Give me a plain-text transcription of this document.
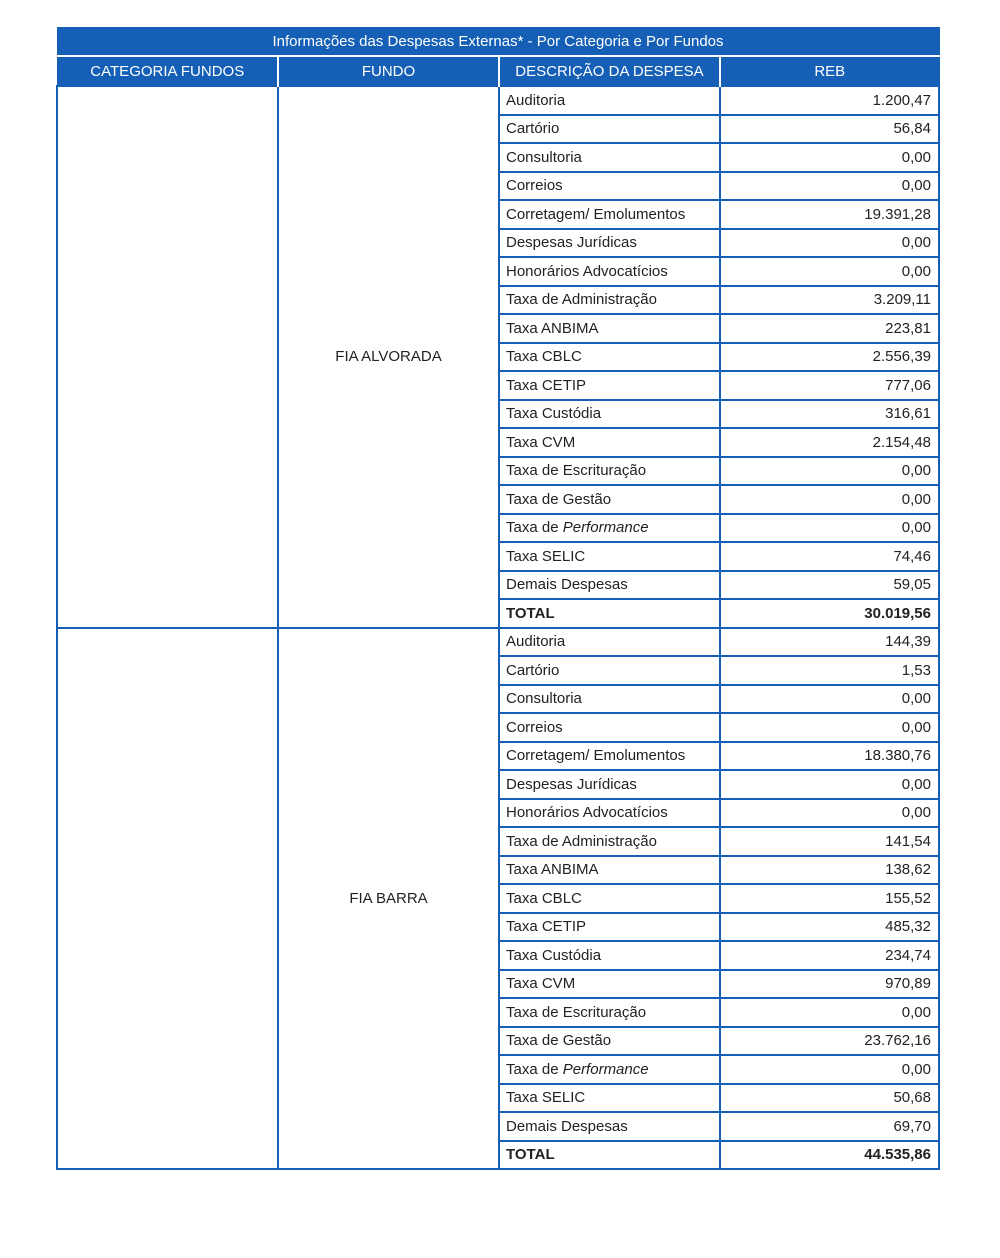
Informações das Despesas Externas* - Por Categoria e Por Fundos			
CATEGORIA FUNDOS	FUNDO	DESCRIÇÃO DA DESPESA	REB
	FIA ALVORADA	Auditoria	1.200,47
		Cartório	56,84
		Consultoria	0,00
		Correios	0,00
		Corretagem/ Emolumentos	19.391,28
		Despesas Jurídicas	0,00
		Honorários Advocatícios	0,00
		Taxa de Administração	3.209,11
		Taxa ANBIMA	223,81
		Taxa CBLC	2.556,39
		Taxa CETIP	777,06
		Taxa Custódia	316,61
		Taxa CVM	2.154,48
		Taxa de Escrituração	0,00
		Taxa de Gestão	0,00
		Taxa de Performance	0,00
		Taxa SELIC	74,46
		Demais Despesas	59,05
		TOTAL	30.019,56
	FIA BARRA	Auditoria	144,39
		Cartório	1,53
		Consultoria	0,00
		Correios	0,00
		Corretagem/ Emolumentos	18.380,76
		Despesas Jurídicas	0,00
		Honorários Advocatícios	0,00
		Taxa de Administração	141,54
		Taxa ANBIMA	138,62
		Taxa CBLC	155,52
		Taxa CETIP	485,32
		Taxa Custódia	234,74
		Taxa CVM	970,89
		Taxa de Escrituração	0,00
		Taxa de Gestão	23.762,16
		Taxa de Performance	0,00
		Taxa SELIC	50,68
		Demais Despesas	69,70
		TOTAL	44.535,86
